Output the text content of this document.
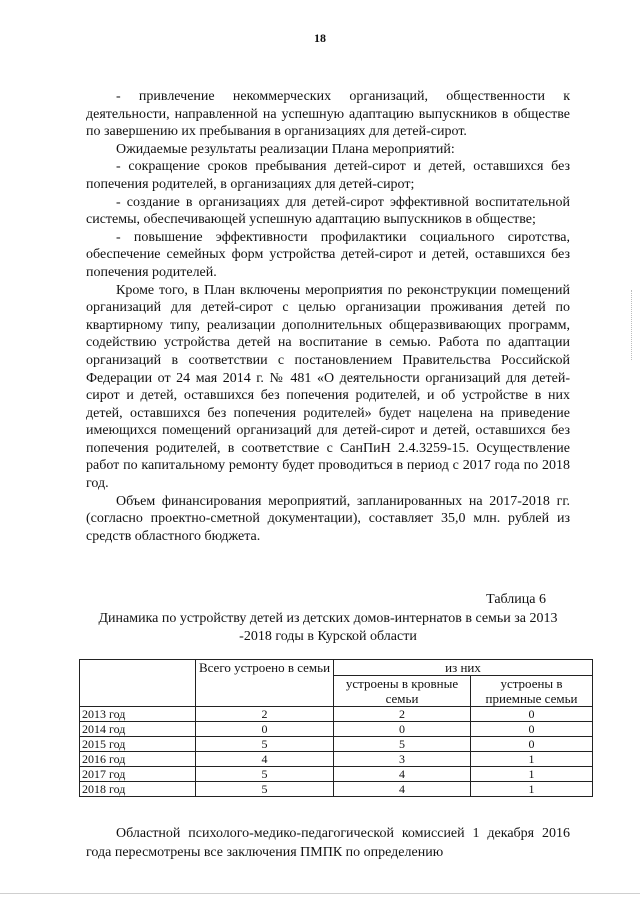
18

- привлечение некоммерческих организаций, общественности к деятельности, направленной на успешную адаптацию выпускников в обществе по завершению их пребывания в организациях для детей-сирот.

Ожидаемые результаты реализации Плана мероприятий:

- сокращение сроков пребывания детей-сирот и детей, оставшихся без попечения родителей, в организациях для детей-сирот;

- создание в организациях для детей-сирот эффективной воспитательной системы, обеспечивающей успешную адаптацию выпускников в обществе;

- повышение эффективности профилактики социального сиротства, обеспечение семейных форм устройства детей-сирот и детей, оставшихся без попечения родителей.

Кроме того, в План включены мероприятия по реконструкции помещений организаций для детей-сирот с целью организации проживания детей по квартирному типу, реализации дополнительных общеразвивающих программ, содействию устройства детей на воспитание в семью. Работа по адаптации организаций в соответствии с постановлением Правительства Российской Федерации от 24 мая 2014 г. № 481 «О деятельности организаций для детей-сирот и детей, оставшихся без попечения родителей, и об устройстве в них детей, оставшихся без попечения родителей» будет нацелена на приведение имеющихся помещений организаций для детей-сирот и детей, оставшихся без попечения родителей, в соответствие с СанПиН 2.4.3259-15. Осуществление работ по капитальному ремонту будет проводиться в период с 2017 года по 2018 год.

Объем финансирования мероприятий, запланированных на 2017-2018 гг. (согласно проектно-сметной документации), составляет 35,0 млн. рублей из средств областного бюджета.

Таблица 6
Динамика по устройству детей из детских домов-интернатов в семьи за 2013 -2018 годы в Курской области
	Всего устроено в семьи	из них	
		устроены в кровные семьи	устроены в приемные семьи
2013 год	2	2	0
2014 год	0	0	0
2015 год	5	5	0
2016 год	4	3	1
2017 год	5	4	1
2018 год	5	4	1

Областной психолого-медико-педагогической комиссией 1 декабря 2016 года пересмотрены все заключения ПМПК по определению
